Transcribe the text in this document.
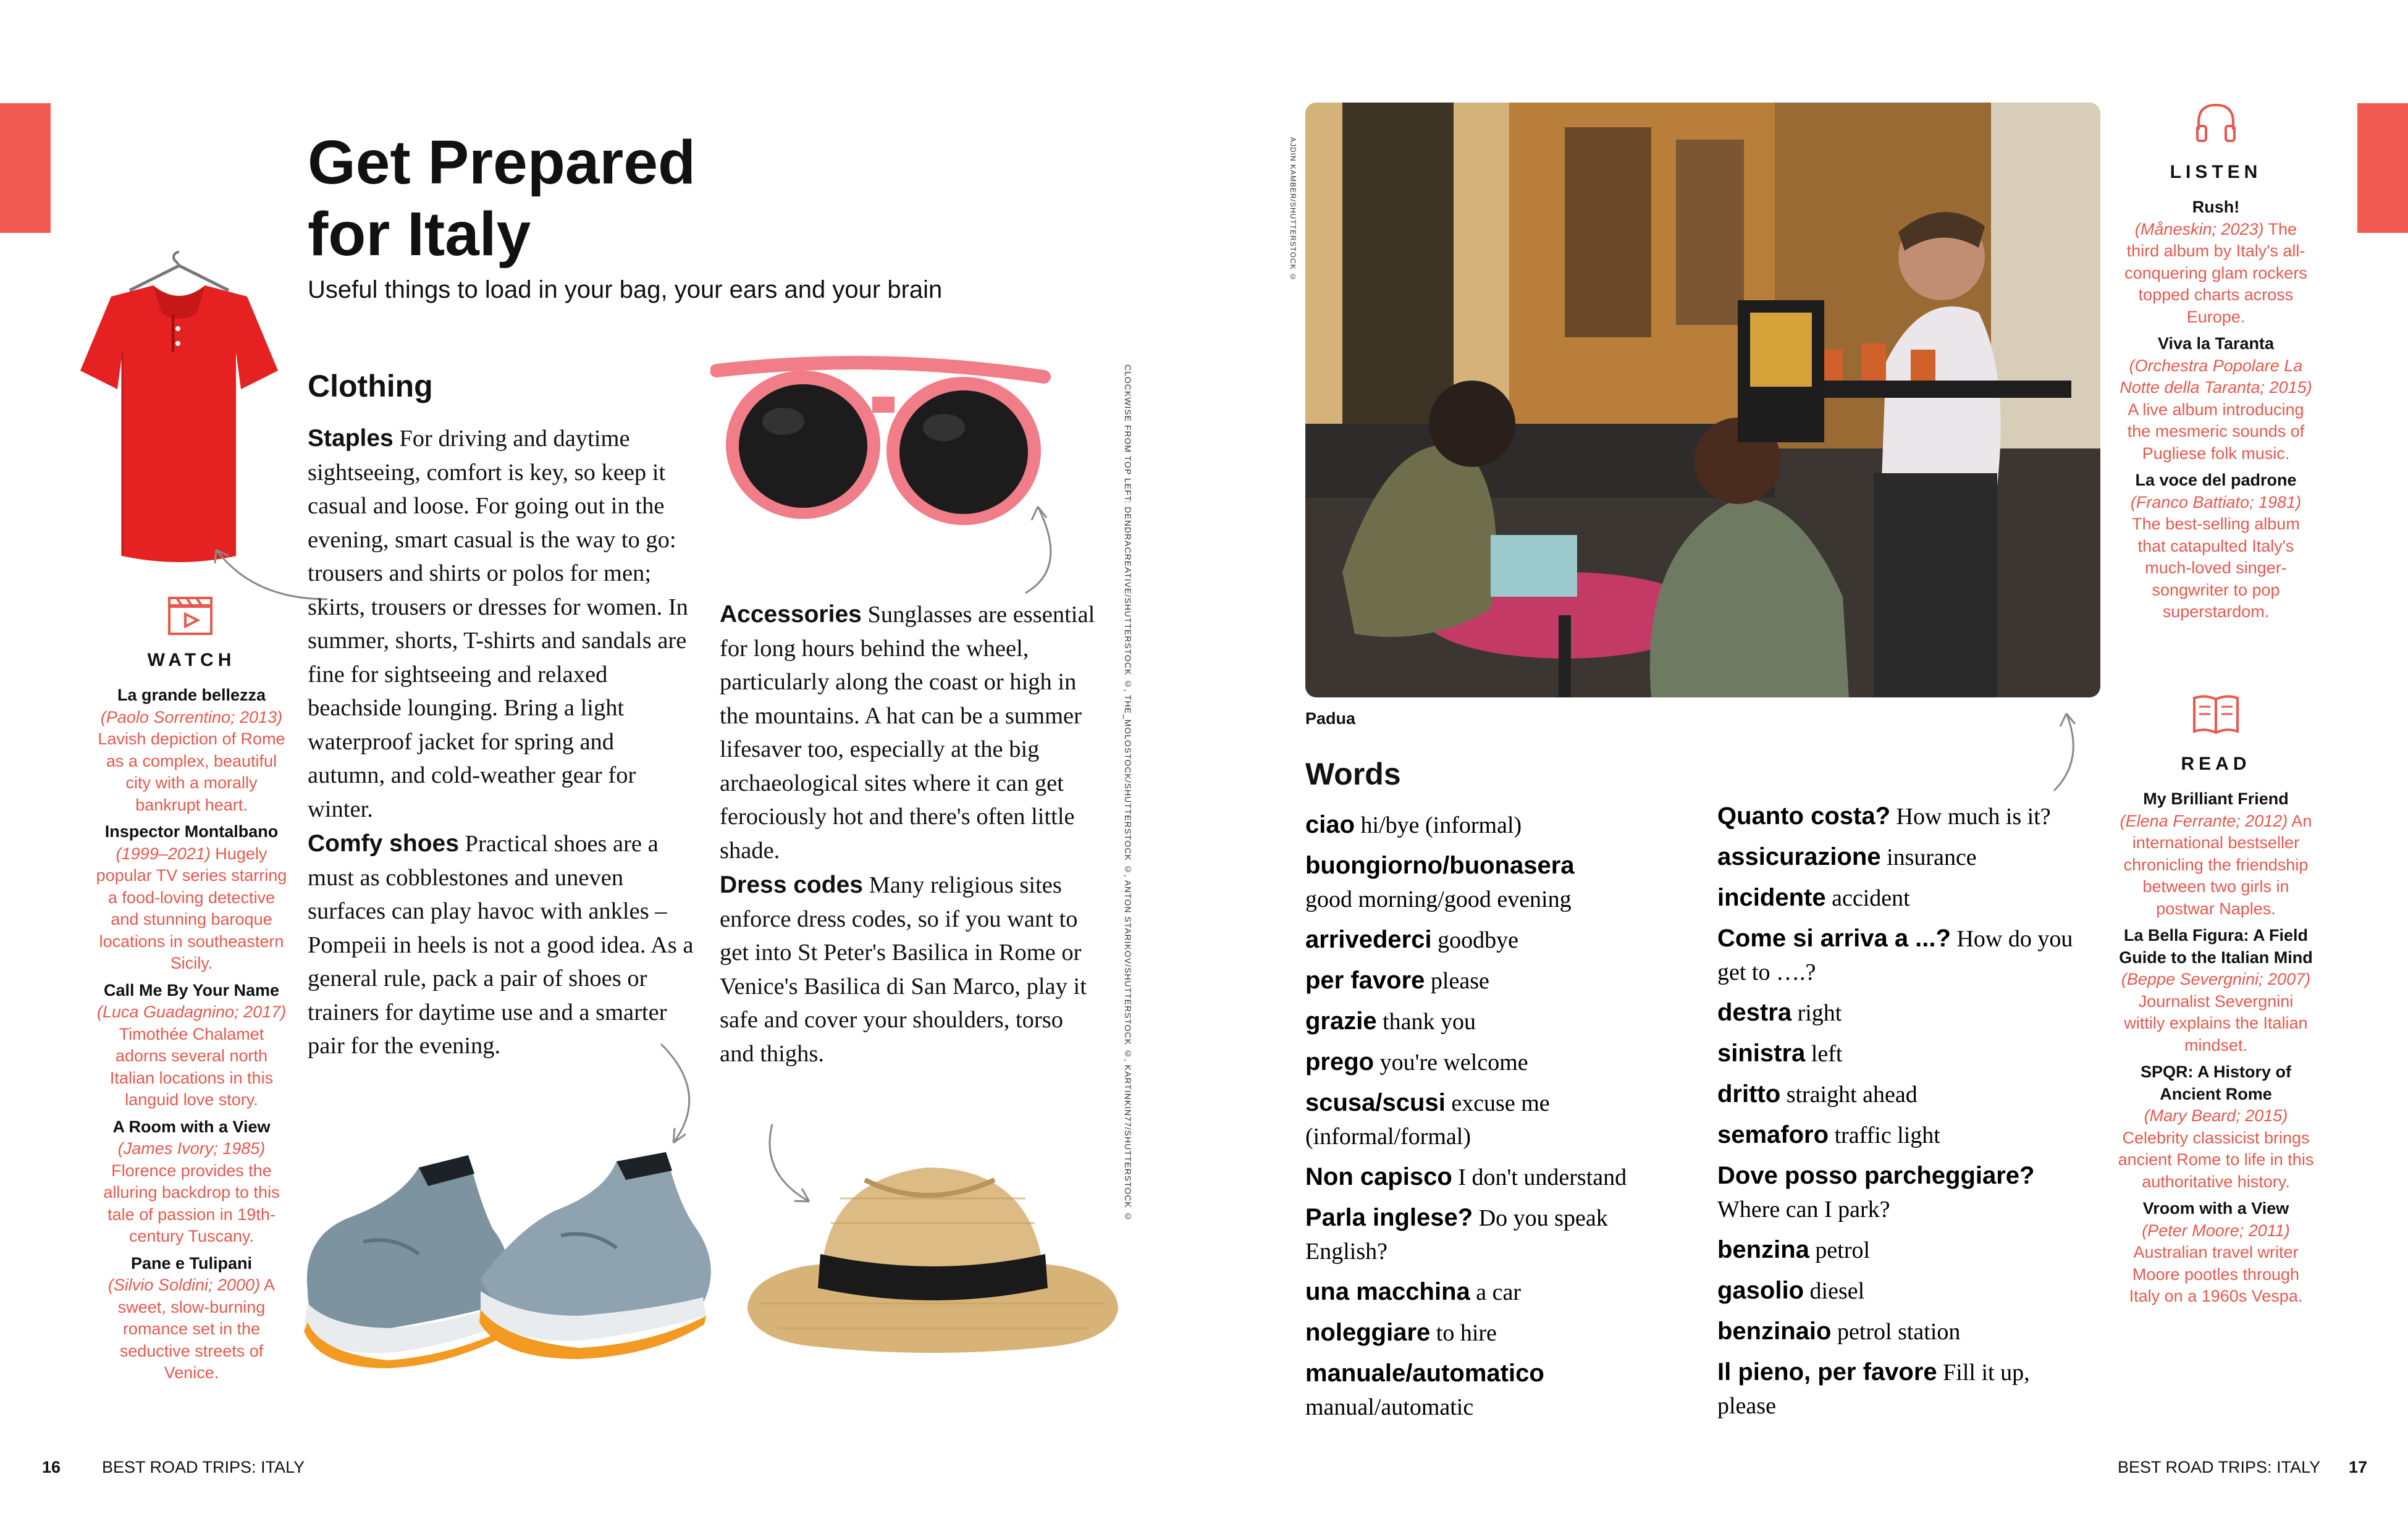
Get Prepared
for Italy
Useful things to load in your bag, your ears and your brain
WATCH
La grande bellezza
(Paolo Sorrentino; 2013) Lavish depiction of Rome as a complex, beautiful city with a morally bankrupt heart.
Inspector Montalbano
(1999–2021) Hugely popular TV series starring a food-loving detective and stunning baroque locations in southeastern Sicily.
Call Me By Your Name
(Luca Guadagnino; 2017) Timothée Chalamet adorns several north Italian locations in this languid love story.
A Room with a View
(James Ivory; 1985) Florence provides the alluring backdrop to this tale of passion in 19th-century Tuscany.
Pane e Tulipani
(Silvio Soldini; 2000) A sweet, slow-burning romance set in the seductive streets of Venice.
Clothing
Staples For driving and daytime sightseeing, comfort is key, so keep it casual and loose. For going out in the evening, smart casual is the way to go: trousers and shirts or polos for men; skirts, trousers or dresses for women. In summer, shorts, T-shirts and sandals are fine for sightseeing and relaxed beachside lounging. Bring a light waterproof jacket for spring and autumn, and cold-weather gear for winter.
Comfy shoes Practical shoes are a must as cobblestones and uneven surfaces can play havoc with ankles – Pompeii in heels is not a good idea. As a general rule, pack a pair of shoes or trainers for daytime use and a smarter pair for the evening.
Accessories Sunglasses are essential for long hours behind the wheel, particularly along the coast or high in the mountains. A hat can be a summer lifesaver too, especially at the big archaeological sites where it can get ferociously hot and there's often little shade.
Dress codes Many religious sites enforce dress codes, so if you want to get into St Peter's Basilica in Rome or Venice's Basilica di San Marco, play it safe and cover your shoulders, torso and thighs.	CLOCKWISE FROM TOP LEFT: DENDRACREATIVE/SHUTTERSTOCK ©, THE_MOLOSTOCK/SHUTTERSTOCK ©, ANTON STARIKOV/SHUTTERSTOCK ©, KARTINKIN77/SHUTTERSTOCK ©
AJDIN KAMBER/SHUTTERSTOCK ©
Padua
Words
ciao hi/bye (informal)
buongiorno/buonasera
good morning/good evening
arrivederci goodbye
per favore please
grazie thank you
prego you're welcome
scusa/scusi excuse me (informal/formal)
Non capisco I don't understand
Parla inglese? Do you speak English?
una macchina a car
noleggiare to hire
manuale/automatico
manual/automatic
Quanto costa? How much is it?
assicurazione insurance
incidente accident
Come si arriva a ...? How do you get to ….?
destra right
sinistra left
dritto straight ahead
semaforo traffic light
Dove posso parcheggiare?
Where can I park?
benzina petrol
gasolio diesel
benzinaio petrol station
Il pieno, per favore Fill it up, please
LISTEN
Rush!
(Måneskin; 2023) The third album by Italy's all-conquering glam rockers topped charts across Europe.
Viva la Taranta
(Orchestra Popolare La Notte della Taranta; 2015) A live album introducing the mesmeric sounds of Pugliese folk music.
La voce del padrone
(Franco Battiato; 1981) The best-selling album that catapulted Italy's much-loved singer-songwriter to pop superstardom.
READ
My Brilliant Friend
(Elena Ferrante; 2012) An international bestseller chronicling the friendship between two girls in postwar Naples.
La Bella Figura: A Field Guide to the Italian Mind
(Beppe Severgnini; 2007) Journalist Severgnini wittily explains the Italian mindset.
SPQR: A History of Ancient Rome
(Mary Beard; 2015) Celebrity classicist brings ancient Rome to life in this authoritative history.
Vroom with a View
(Peter Moore; 2011) Australian travel writer Moore pootles through Italy on a 1960s Vespa.
16 BEST ROAD TRIPS: ITALY	BEST ROAD TRIPS: ITALY 17
